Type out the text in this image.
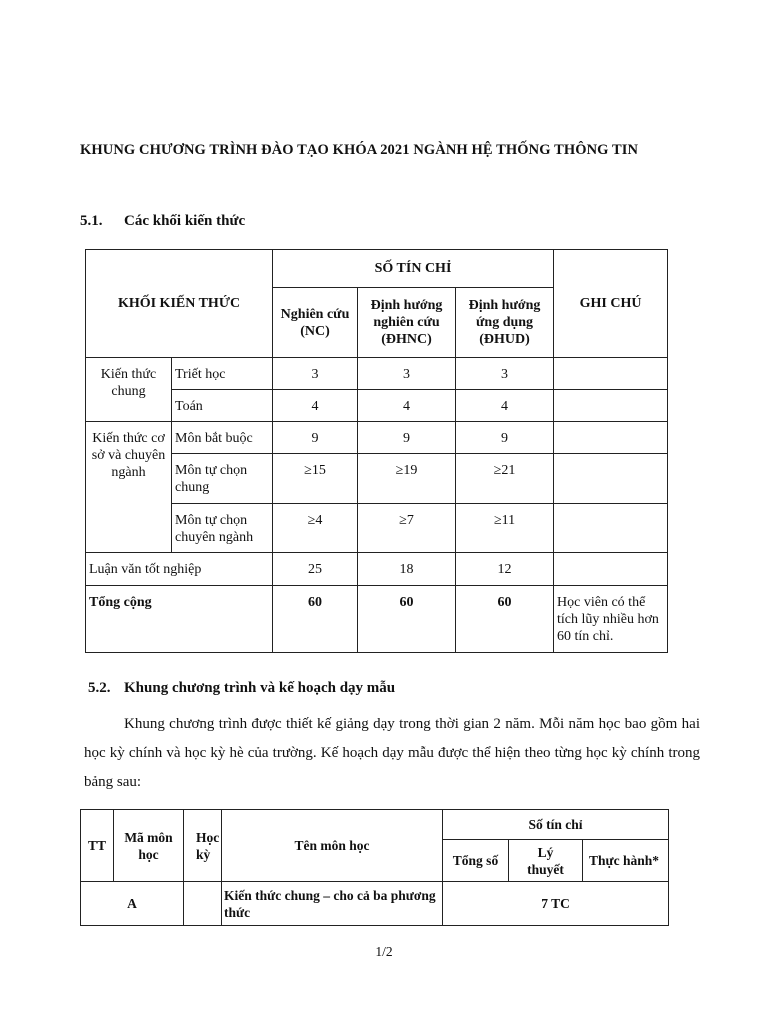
KHUNG CHƯƠNG TRÌNH ĐÀO TẠO KHÓA 2021 NGÀNH HỆ THỐNG THÔNG TIN
5.1. Các khối kiến thức
KHỐI KIẾN THỨC		SỐ TÍN CHỈ			GHI CHÚ
		Nghiên cứu (NC)	Định hướng nghiên cứu (ĐHNC)	Định hướng ứng dụng (ĐHUD)	
Kiến thức chung	Triết học	3	3	3	
	Toán	4	4	4	
Kiến thức cơ sở và chuyên ngành	Môn bắt buộc	9	9	9	
	Môn tự chọn chung	≥15	≥19	≥21	
	Môn tự chọn chuyên ngành	≥4	≥7	≥11	
Luận văn tốt nghiệp		25	18	12	
Tổng cộng		60	60	60	Học viên có thể tích lũy nhiều hơn 60 tín chỉ.
5.2. Khung chương trình và kế hoạch dạy mẫu
Khung chương trình được thiết kế giảng dạy trong thời gian 2 năm. Mỗi năm học bao gồm hai học kỳ chính và học kỳ hè của trường. Kế hoạch dạy mẫu được thể hiện theo từng học kỳ chính trong bảng sau:
TT	Mã môn học	Học kỳ	Tên môn học	Số tín chỉ		
				Tổng số	Lý thuyết	Thực hành*
A			Kiến thức chung – cho cả ba phương thức	7 TC		
1/2
